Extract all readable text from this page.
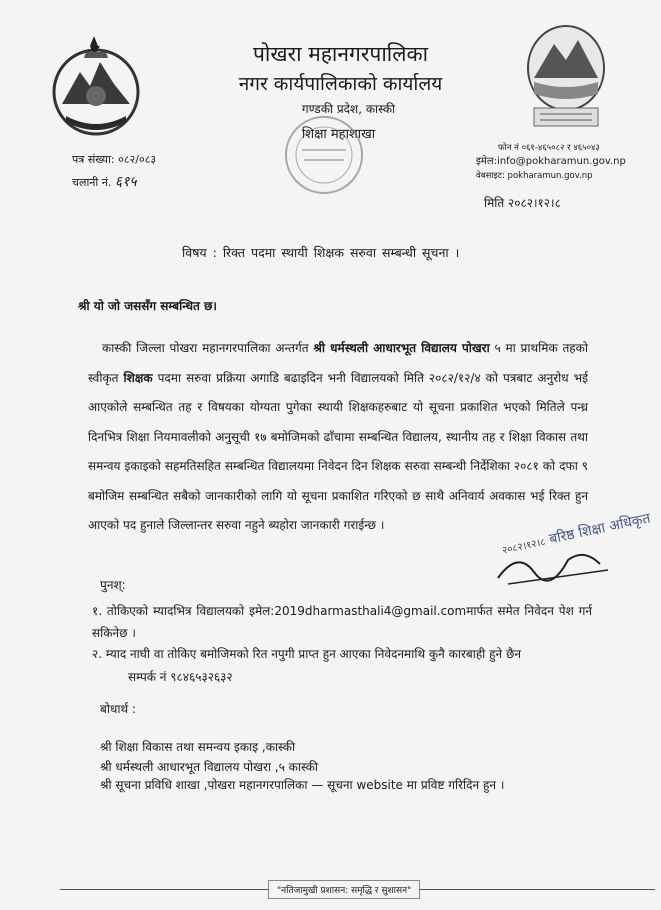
पोखरा महानगरपालिका
नगर कार्यपालिकाको कार्यालय
गण्डकी प्रदेश, कास्की
शिक्षा महाशाखा
फोन नं ०६१-४६५०८२ र ४६५०४३
इमेल:info@pokharamun.gov.np
वेबसाइट: pokharamun.gov.np
पत्र संख्या: ०८२/०८३
चलानी नं. ६१५
मिति २०८२।१२।८
विषय : रिक्त पदमा स्थायी शिक्षक सरुवा सम्बन्धी सूचना ।
श्री यो जो जससँग सम्बन्धित छ।
कास्की जिल्ला पोखरा महानगरपालिका अन्तर्गत श्री धर्मस्थली आधारभूत विद्यालय पोखरा ५ मा प्राथमिक तहको स्वीकृत शिक्षक पदमा सरुवा प्रक्रिया अगाडि बढाइदिन भनी विद्यालयको मिति २०८२/१२/४ को पत्रबाट अनुरोध भई आएकोले सम्बन्धित तह र विषयका योग्यता पुगेका स्थायी शिक्षकहरुबाट यो सूचना प्रकाशित भएको मितिले पन्ध्र दिनभित्र शिक्षा नियमावलीको अनुसूची १७ बमोजिमको ढाँचामा सम्बन्धित विद्यालय, स्थानीय तह र शिक्षा विकास तथा समन्वय इकाइको सहमतिसहित सम्बन्धित विद्यालयमा निवेदन दिन शिक्षक सरुवा सम्बन्धी निर्देशिका २०८१ को दफा ९ बमोजिम सम्बन्धित सबैको जानकारीको लागि यो सूचना प्रकाशित गरिएको छ साथै अनिवार्य अवकास भई रिक्त हुन आएको पद हुनाले जिल्लान्तर सरुवा नहुने ब्यहोरा जानकारी गराईन्छ ।
२०८२।१२।८ बरिष्ठ शिक्षा अधिकृत
पुनश्:
१. तोकिएको म्यादभित्र विद्यालयको इमेल:2019dharmasthali4@gmail.comमार्फत समेत निवेदन पेश गर्न सकिनेछ ।
२. म्याद नाघी वा तोकिए बमोजिमको रित नपुगी प्राप्त हुन आएका निवेदनमाथि कुनै कारबाही हुने छैन
सम्पर्क नं ९८४६५३२६३२
बोधार्थ :
श्री शिक्षा विकास तथा समन्वय इकाइ ,कास्की
श्री धर्मस्थली आधारभूत विद्यालय पोखरा ,५ कास्की
श्री सूचना प्रविधि शाखा ,पोखरा महानगरपालिका — सूचना website मा प्रविष्ट गरिदिन हुन ।
"नतिजामुखी प्रशासन: समृद्धि र सुशासन"
